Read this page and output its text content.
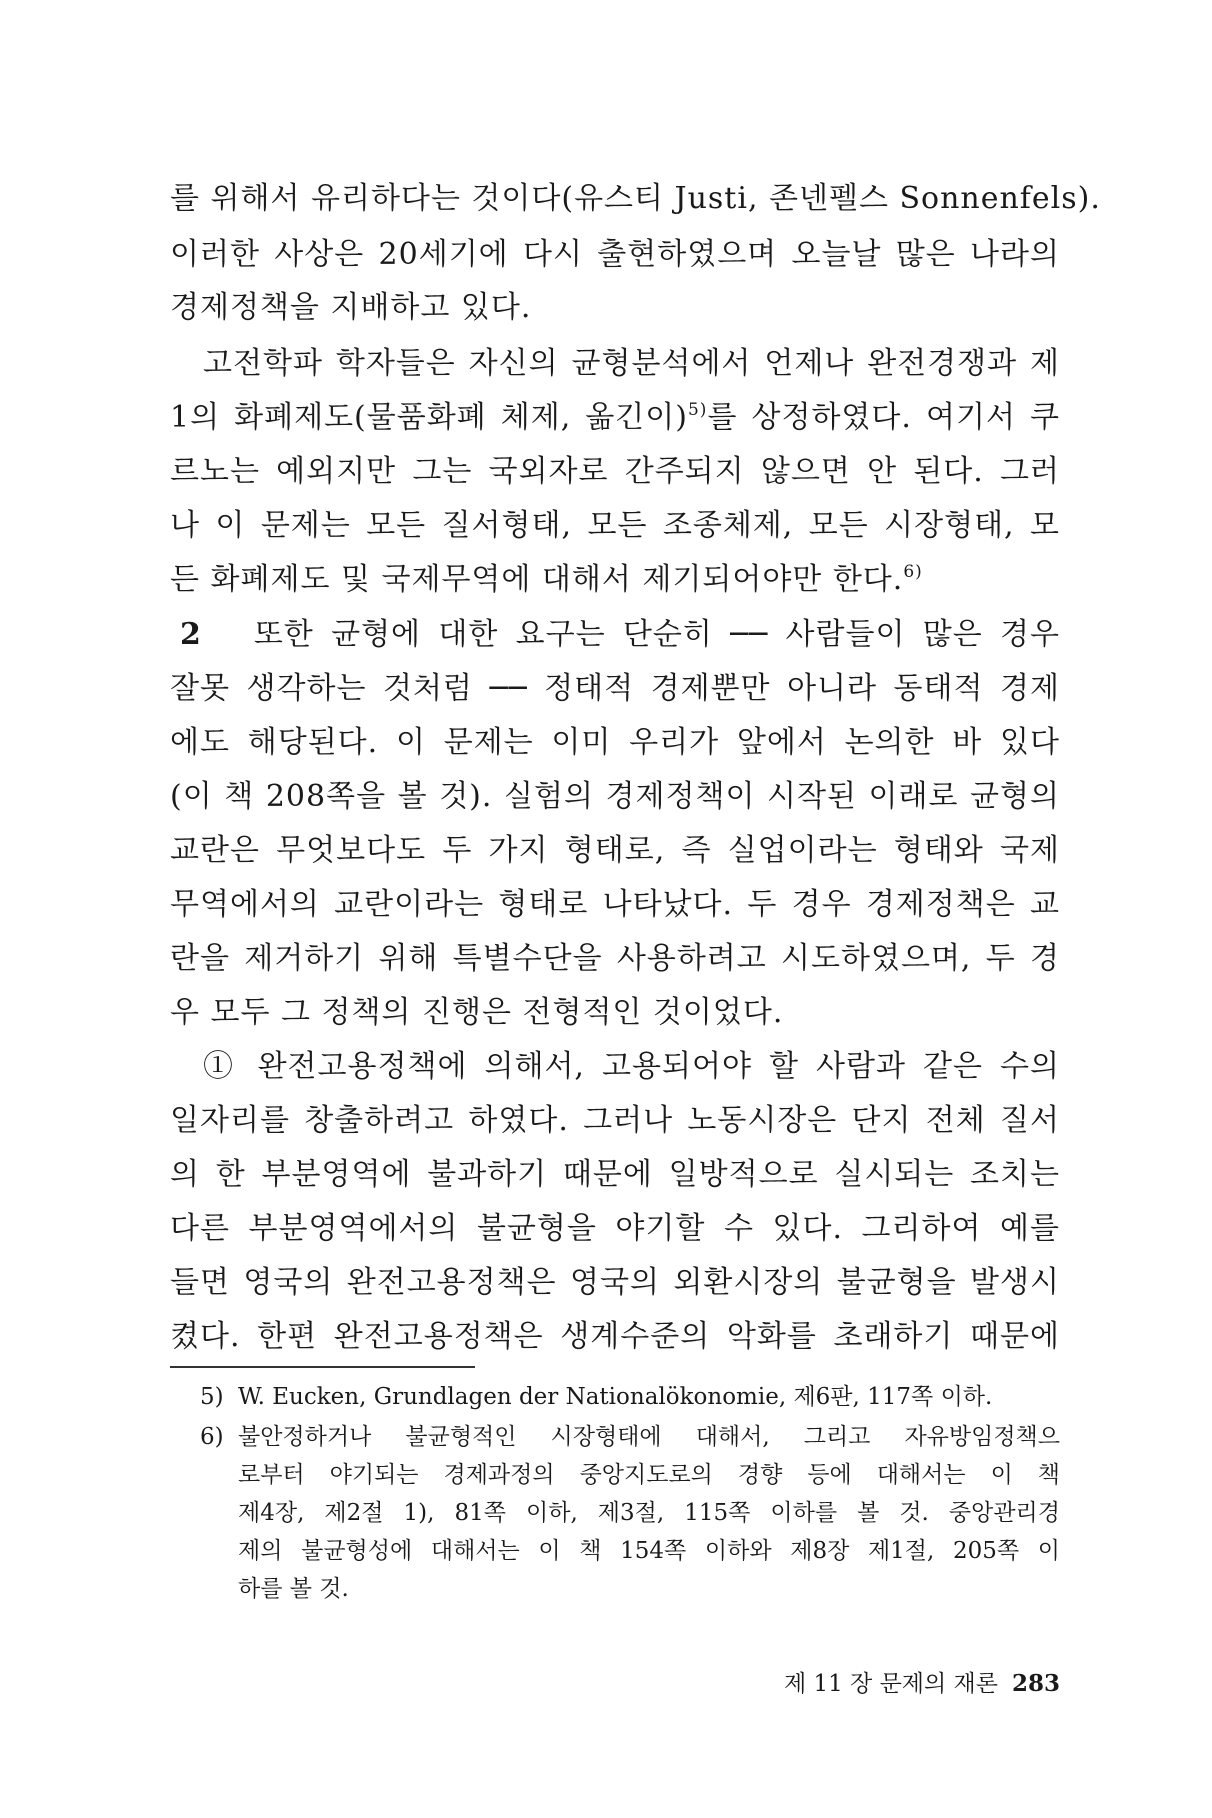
를 위해서 유리하다는 것이다(유스티 Justi, 존넨펠스 Sonnenfels).
이러한 사상은 20세기에 다시 출현하였으며 오늘날 많은 나라의
경제정책을 지배하고 있다.
고전학파 학자들은 자신의 균형분석에서 언제나 완전경쟁과 제
1의 화폐제도(물품화폐 체제, 옮긴이)$^{5)}$를 상정하였다. 여기서 쿠
르노는 예외지만 그는 국외자로 간주되지 않으면 안 된다. 그러
나 이 문제는 모든 질서형태, 모든 조종체제, 모든 시장형태, 모
든 화폐제도 및 국제무역에 대해서 제기되어야만 한다.$^{6)}$
2 또한 균형에 대한 요구는 단순히 ── 사람들이 많은 경우
잘못 생각하는 것처럼 ── 정태적 경제뿐만 아니라 동태적 경제
에도 해당된다. 이 문제는 이미 우리가 앞에서 논의한 바 있다
(이 책 208쪽을 볼 것). 실험의 경제정책이 시작된 이래로 균형의
교란은 무엇보다도 두 가지 형태로, 즉 실업이라는 형태와 국제
무역에서의 교란이라는 형태로 나타났다. 두 경우 경제정책은 교
란을 제거하기 위해 특별수단을 사용하려고 시도하였으며, 두 경
우 모두 그 정책의 진행은 전형적인 것이었다.
① 완전고용정책에 의해서, 고용되어야 할 사람과 같은 수의
일자리를 창출하려고 하였다. 그러나 노동시장은 단지 전체 질서
의 한 부분영역에 불과하기 때문에 일방적으로 실시되는 조치는
다른 부분영역에서의 불균형을 야기할 수 있다. 그리하여 예를
들면 영국의 완전고용정책은 영국의 외환시장의 불균형을 발생시
켰다. 한편 완전고용정책은 생계수준의 악화를 초래하기 때문에
5) W. Eucken, Grundlagen der Nationalökonomie, 제6판, 117쪽 이하.
6) 불안정하거나 불균형적인 시장형태에 대해서, 그리고 자유방임정책으
로부터 야기되는 경제과정의 중앙지도로의 경향 등에 대해서는 이 책
제4장, 제2절 1), 81쪽 이하, 제3절, 115쪽 이하를 볼 것. 중앙관리경
제의 불균형성에 대해서는 이 책 154쪽 이하와 제8장 제1절, 205쪽 이
하를 볼 것.
제 11 장 문제의 재론 283
